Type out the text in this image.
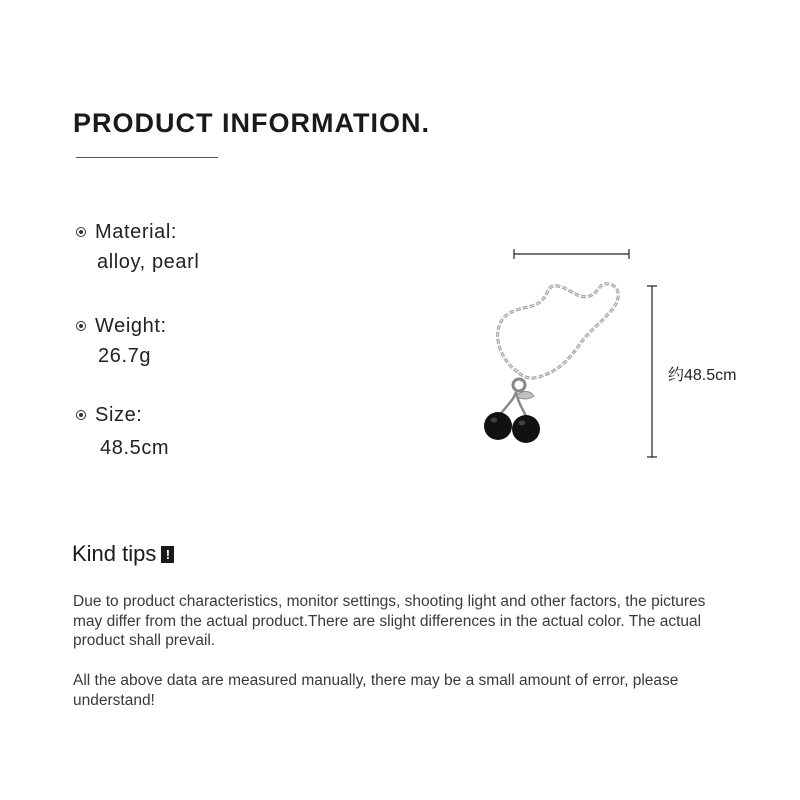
PRODUCT INFORMATION.
Material:
alloy, pearl
Weight:
26.7g
Size:
48.5cm
约48.5cm
Kind tips !

Due to product characteristics, monitor settings, shooting light and other factors, the pictures may differ from the actual product.There are slight differences in the actual color. The actual product shall prevail.

All the above data are measured manually, there may be a small amount of error, please understand!
